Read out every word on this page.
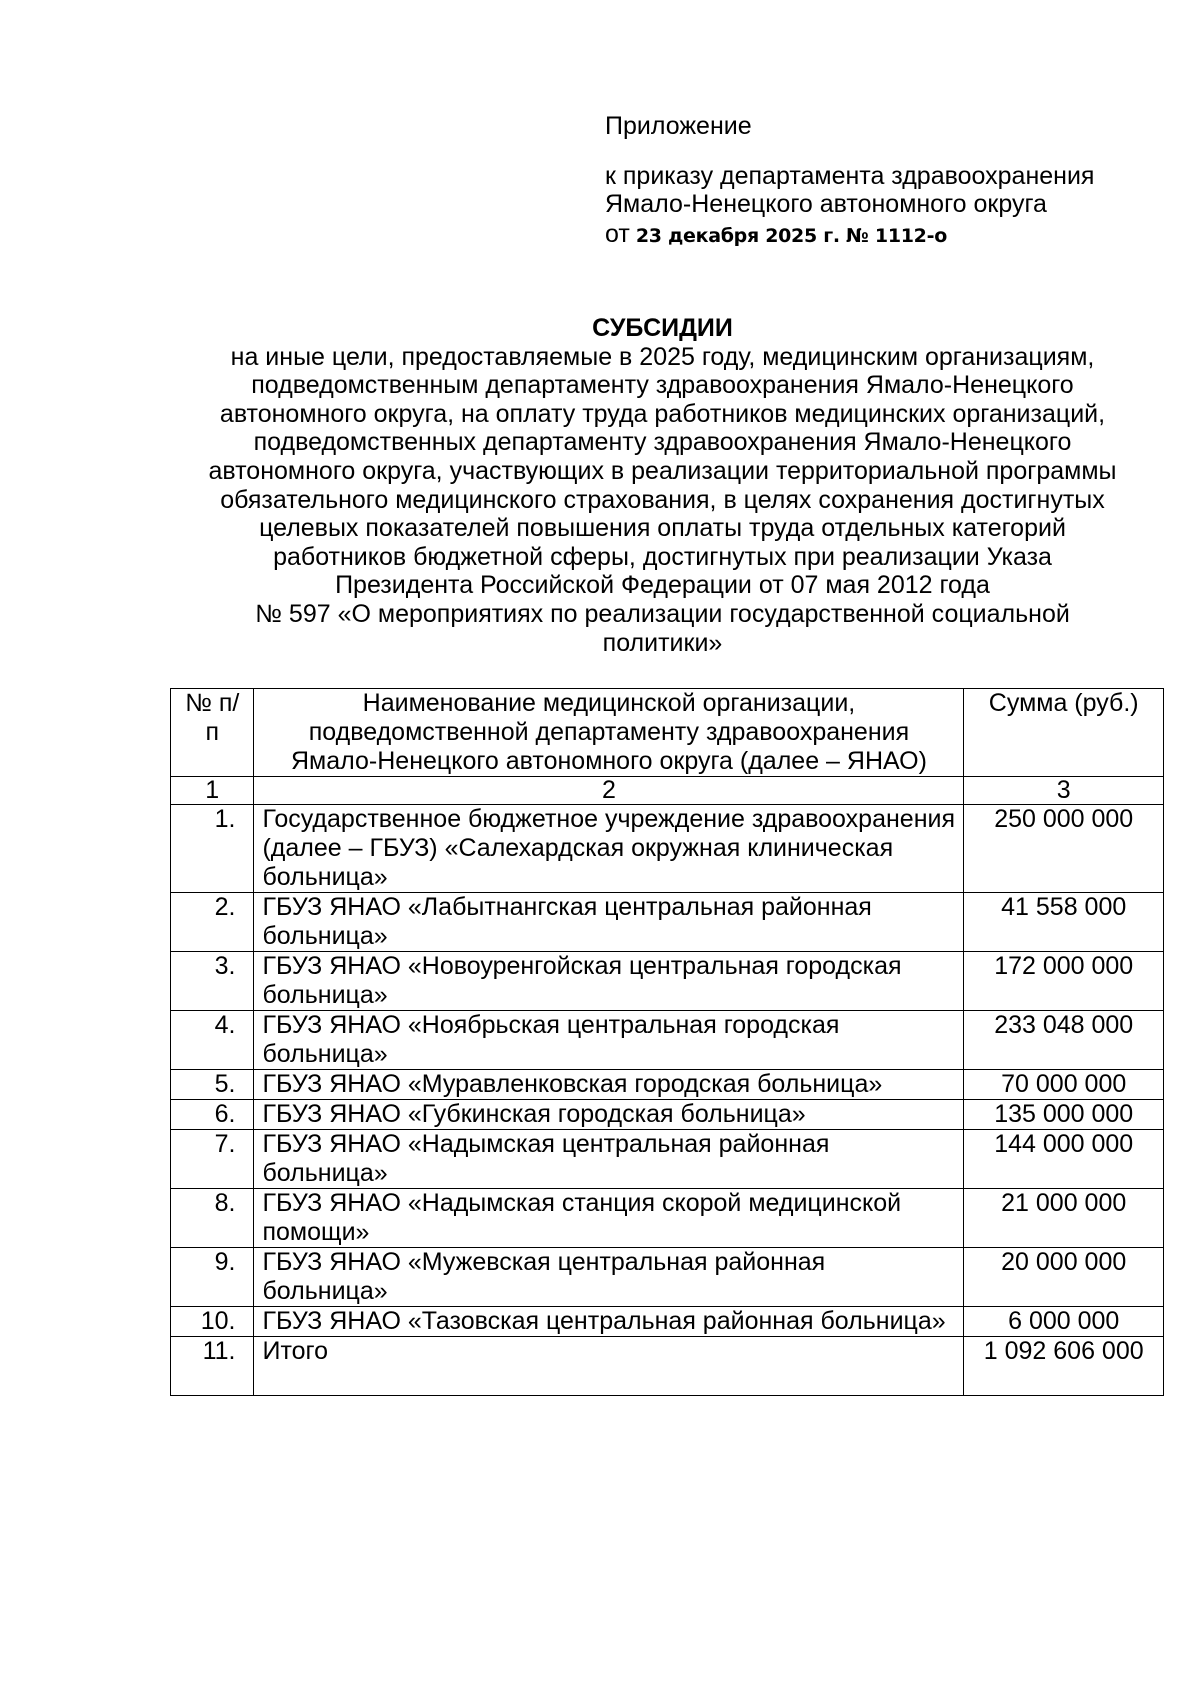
Приложение

к приказу департамента здравоохранения

Ямало-Ненецкого автономного округа

от 23 декабря 2025 г. № 1112-о

СУБСИДИИ

на иные цели, предоставляемые в 2025 году, медицинским организациям,

подведомственным департаменту здравоохранения Ямало-Ненецкого

автономного округа, на оплату труда работников медицинских организаций,

подведомственных департаменту здравоохранения Ямало-Ненецкого

автономного округа, участвующих в реализации территориальной программы

обязательного медицинского страхования, в целях сохранения достигнутых

целевых показателей повышения оплаты труда отдельных категорий

работников бюджетной сферы, достигнутых при реализации Указа

Президента Российской Федерации от 07 мая 2012 года

№ 597 «О мероприятиях по реализации государственной социальной

политики»

№ п/п	Наименование медицинской организации, подведомственной департаменту здравоохранения Ямало-Ненецкого автономного округа (далее – ЯНАО)	Сумма (руб.)
1	2	3
1.	Государственное бюджетное учреждение здравоохранения (далее – ГБУЗ) «Салехардская окружная клиническая больница»	250 000 000
2.	ГБУЗ ЯНАО «Лабытнангская центральная районная больница»	41 558 000
3.	ГБУЗ ЯНАО «Новоуренгойская центральная городская больница»	172 000 000
4.	ГБУЗ ЯНАО «Ноябрьская центральная городская больница»	233 048 000
5.	ГБУЗ ЯНАО «Муравленковская городская больница»	70 000 000
6.	ГБУЗ ЯНАО «Губкинская городская больница»	135 000 000
7.	ГБУЗ ЯНАО «Надымская центральная районная больница»	144 000 000
8.	ГБУЗ ЯНАО «Надымская станция скорой медицинской помощи»	21 000 000
9.	ГБУЗ ЯНАО «Мужевская центральная районная больница»	20 000 000
10.	ГБУЗ ЯНАО «Тазовская центральная районная больница»	6 000 000
11.	Итого	1 092 606 000
